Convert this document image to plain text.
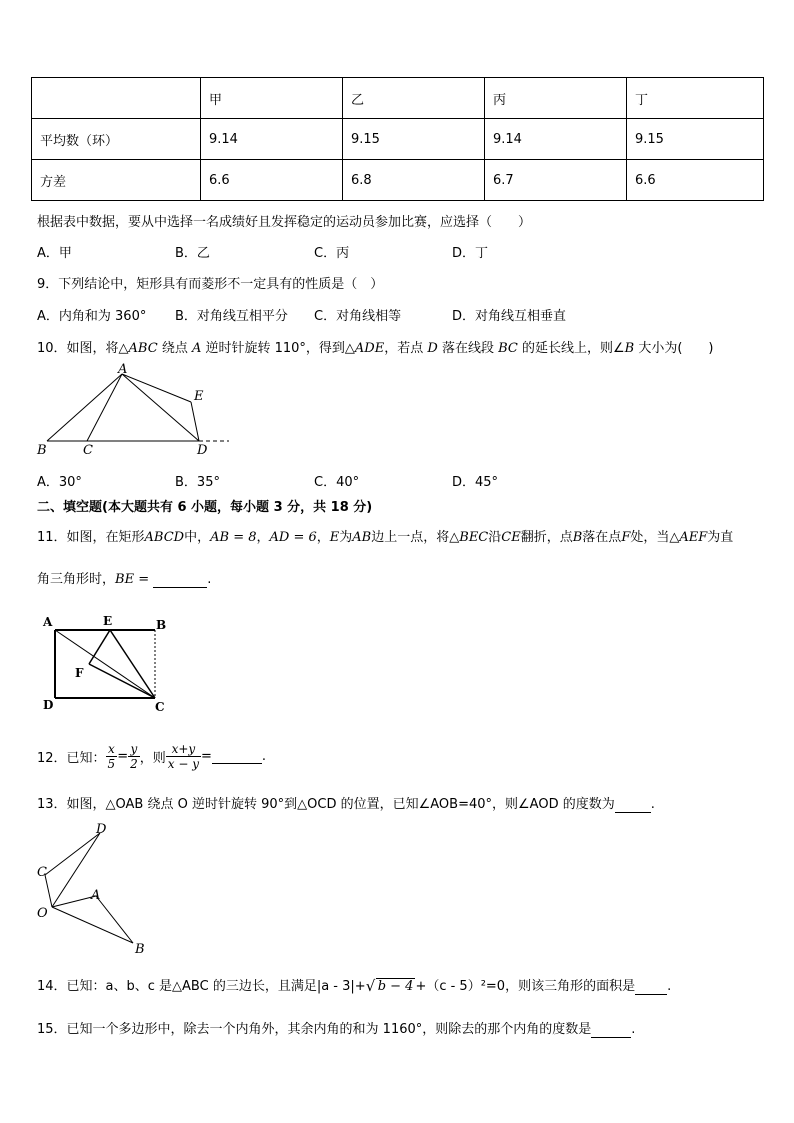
	甲	乙	丙	丁
平均数（环）	9.14	9.15	9.14	9.15
方差	6.6	6.8	6.7	6.6
根据表中数据，要从中选择一名成绩好且发挥稳定的运动员参加比赛，应选择（　　）
A．甲	B．乙	C．丙	D．丁
9．下列结论中，矩形具有而菱形不一定具有的性质是（　）
A．内角和为 360° B．对角线互相平分 C．对角线相等	D．对角线互相垂直
10．如图，将△ABC 绕点 A 逆时针旋转 110°，得到△ADE，若点 D 落在线段 BC 的延长线上，则∠B 大小为(　　)
A
E
B	C	D
A．30°	B．35°	C．40°	D．45°
二、填空题(本大题共有 6 小题，每小题 3 分，共 18 分)
11．如图，在矩形ABCD中，AB = 8，AD = 6，E为AB边上一点，将△BEC沿CE翻折，点B落在点F处，当△AEF为直
角三角形时，BE =	.
A	E	B
F
D	C
12．已知： $\frac{x}{5} = \frac{y}{2}$ ，则 $\frac{x+y}{x - y}$ =
	.
13．如图，△OAB 绕点 O 逆时针旋转 90°到△OCD 的位置，已知∠AOB=40°，则∠AOD 的度数为	.
D
C
A
O
B
14．已知：a、b、c 是△ABC 的三边长，且满足|a - 3|+ √ b − 4 +（c - 5）²=0，则该三角形的面积是 .
15．已知一个多边形中，除去一个内角外，其余内角的和为 1160°，则除去的那个内角的度数是	.
